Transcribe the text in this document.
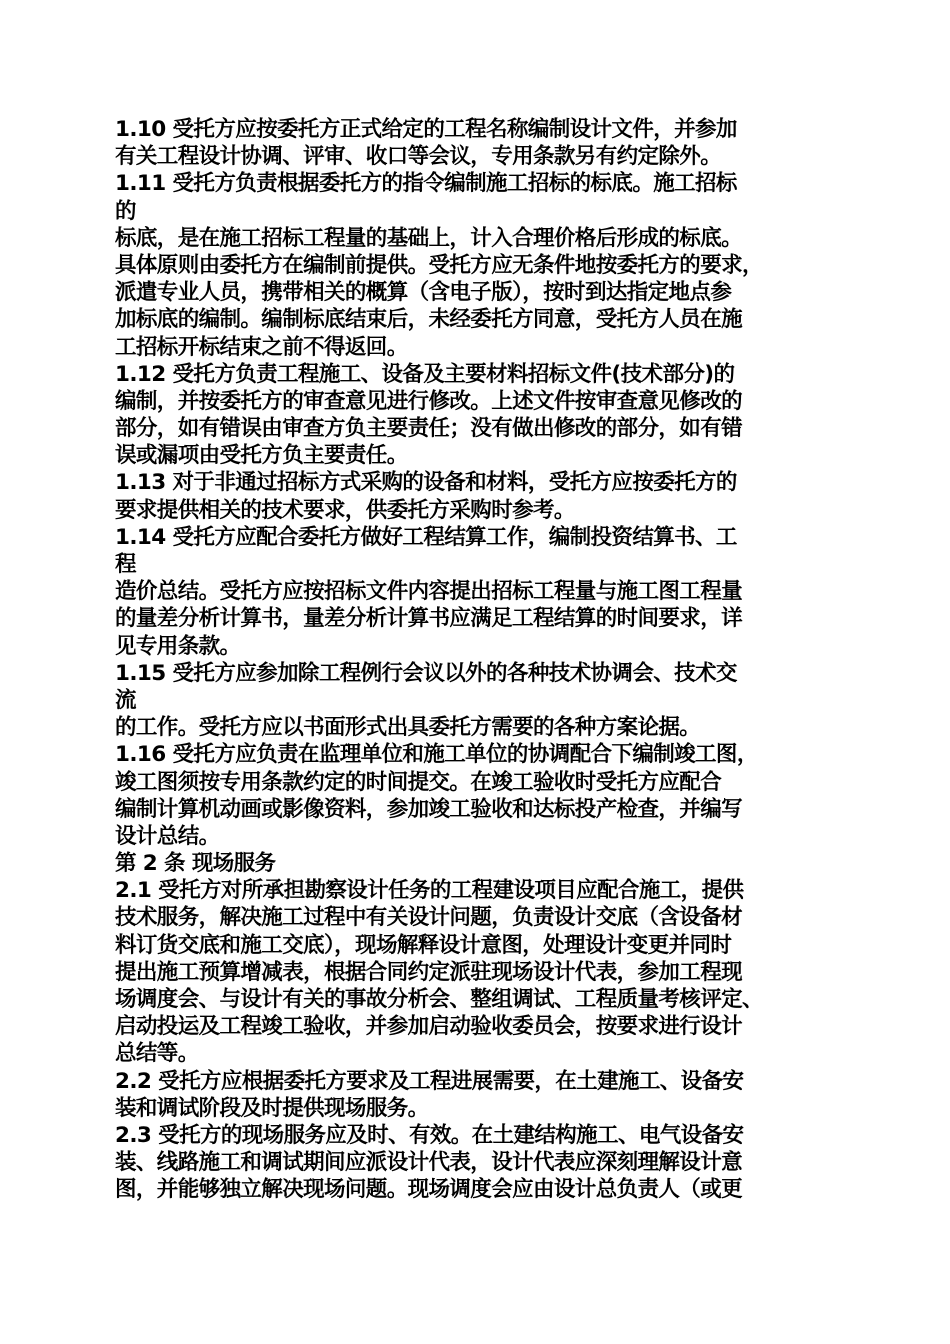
1.10 受托方应按委托方正式给定的工程名称编制设计文件，并参加
有关工程设计协调、评审、收口等会议，专用条款另有约定除外。
1.11 受托方负责根据委托方的指令编制施工招标的标底。施工招标
的
标底，是在施工招标工程量的基础上，计入合理价格后形成的标底。
具体原则由委托方在编制前提供。受托方应无条件地按委托方的要求，
派遣专业人员，携带相关的概算（含电子版），按时到达指定地点参
加标底的编制。编制标底结束后，未经委托方同意，受托方人员在施
工招标开标结束之前不得返回。
1.12 受托方负责工程施工、设备及主要材料招标文件(技术部分)的
编制，并按委托方的审查意见进行修改。上述文件按审查意见修改的
部分，如有错误由审查方负主要责任；没有做出修改的部分，如有错
误或漏项由受托方负主要责任。
1.13 对于非通过招标方式采购的设备和材料，受托方应按委托方的
要求提供相关的技术要求，供委托方采购时参考。
1.14 受托方应配合委托方做好工程结算工作，编制投资结算书、工
程
造价总结。受托方应按招标文件内容提出招标工程量与施工图工程量
的量差分析计算书，量差分析计算书应满足工程结算的时间要求，详
见专用条款。
1.15 受托方应参加除工程例行会议以外的各种技术协调会、技术交
流
的工作。受托方应以书面形式出具委托方需要的各种方案论据。
1.16 受托方应负责在监理单位和施工单位的协调配合下编制竣工图，
竣工图须按专用条款约定的时间提交。在竣工验收时受托方应配合
编制计算机动画或影像资料，参加竣工验收和达标投产检查，并编写
设计总结。
第 2 条 现场服务
2.1 受托方对所承担勘察设计任务的工程建设项目应配合施工，提供
技术服务，解决施工过程中有关设计问题，负责设计交底（含设备材
料订货交底和施工交底），现场解释设计意图，处理设计变更并同时
提出施工预算增减表，根据合同约定派驻现场设计代表，参加工程现
场调度会、与设计有关的事故分析会、整组调试、工程质量考核评定、
启动投运及工程竣工验收，并参加启动验收委员会，按要求进行设计
总结等。
2.2 受托方应根据委托方要求及工程进展需要，在土建施工、设备安
装和调试阶段及时提供现场服务。
2.3 受托方的现场服务应及时、有效。在土建结构施工、电气设备安
装、线路施工和调试期间应派设计代表，设计代表应深刻理解设计意
图，并能够独立解决现场问题。现场调度会应由设计总负责人（或更
